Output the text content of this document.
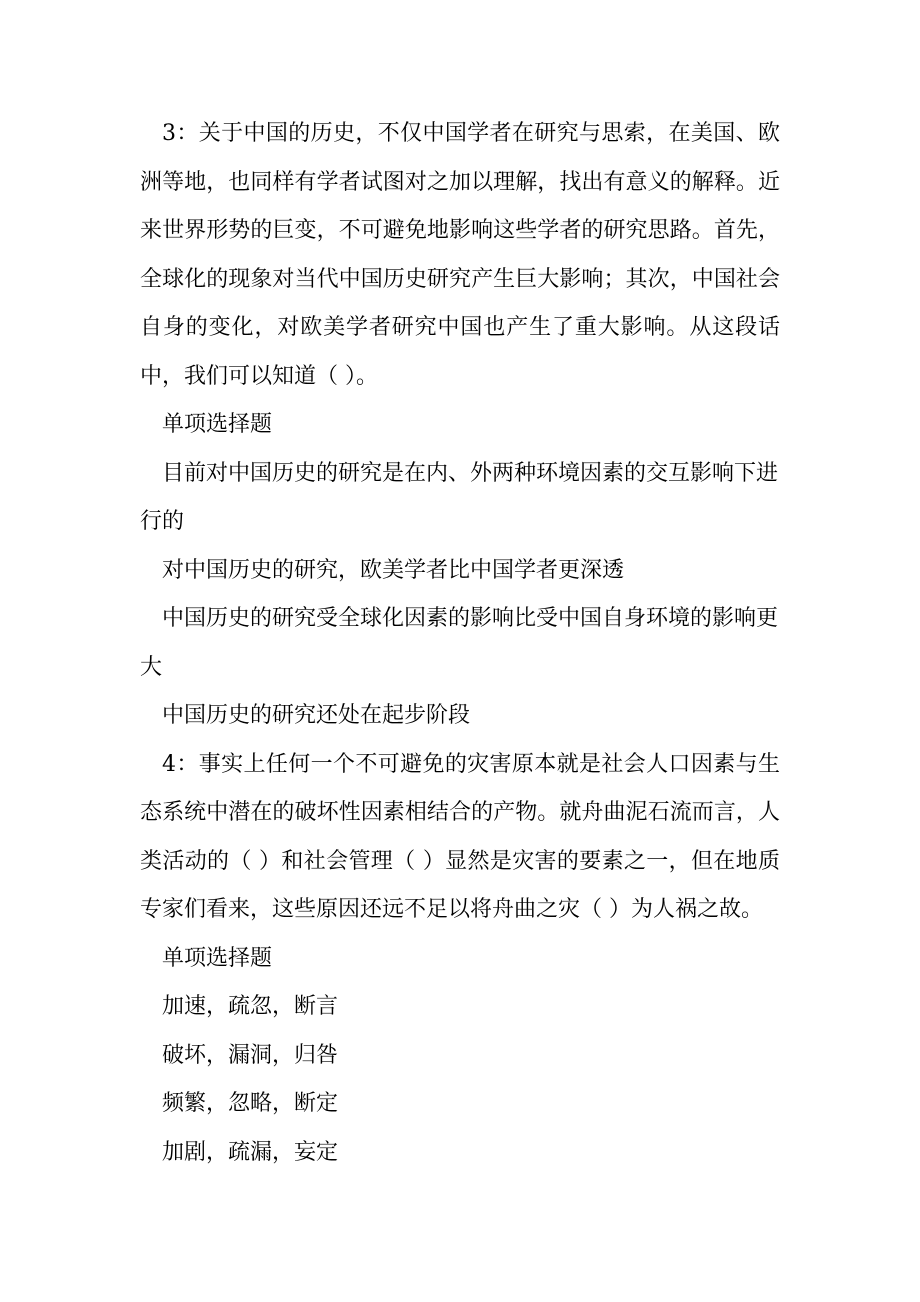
3：关于中国的历史，不仅中国学者在研究与思索，在美国、欧洲等地，也同样有学者试图对之加以理解，找出有意义的解释。近来世界形势的巨变，不可避免地影响这些学者的研究思路。首先，全球化的现象对当代中国历史研究产生巨大影响；其次，中国社会自身的变化，对欧美学者研究中国也产生了重大影响。从这段话中，我们可以知道（ ）。

单项选择题

目前对中国历史的研究是在内、外两种环境因素的交互影响下进行的

对中国历史的研究，欧美学者比中国学者更深透

中国历史的研究受全球化因素的影响比受中国自身环境的影响更大

中国历史的研究还处在起步阶段

4：事实上任何一个不可避免的灾害原本就是社会人口因素与生态系统中潜在的破坏性因素相结合的产物。就舟曲泥石流而言，人类活动的（ ）和社会管理（ ）显然是灾害的要素之一，但在地质专家们看来，这些原因还远不足以将舟曲之灾（ ）为人祸之故。

单项选择题

加速，疏忽，断言

破坏，漏洞，归咎

频繁，忽略，断定

加剧，疏漏，妄定
